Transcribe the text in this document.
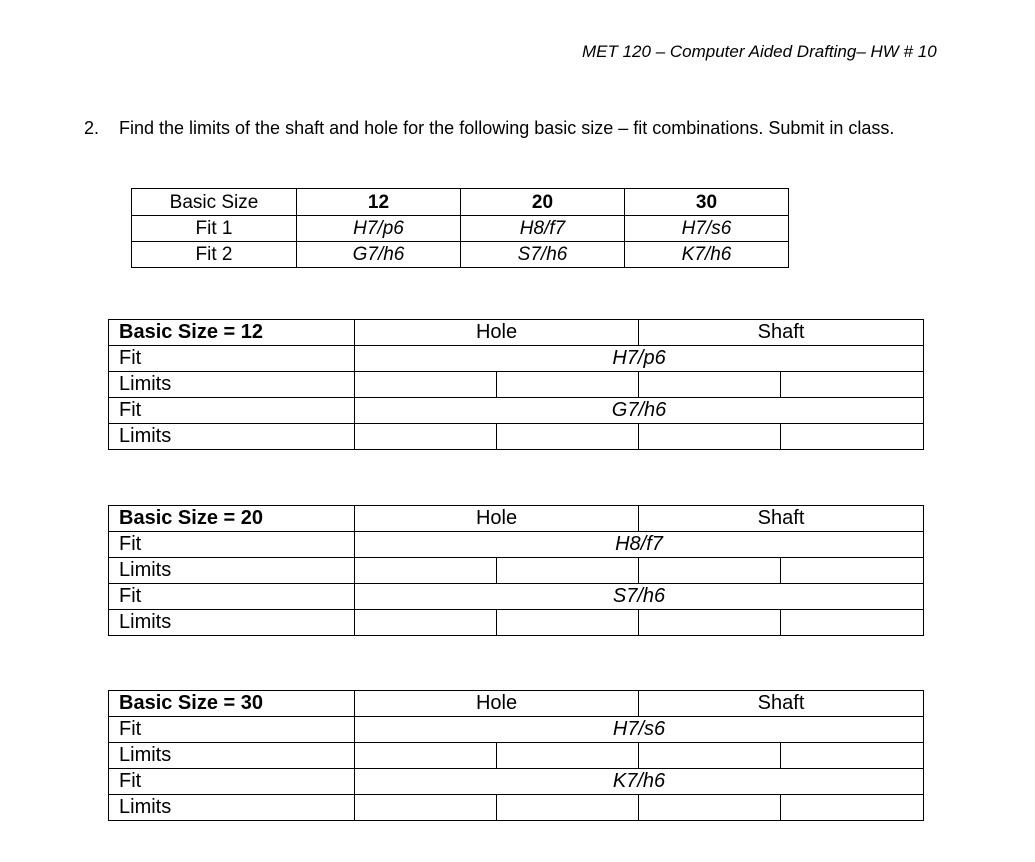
MET 120 – Computer Aided Drafting– HW # 10
2. Find the limits of the shaft and hole for the following basic size – fit combinations. Submit in class.
Basic Size	12	20	30
Fit 1	H7/p6	H8/f7	H7/s6
Fit 2	G7/h6	S7/h6	K7/h6
Basic Size = 12	Hole		Shaft	
Fit	H7/p6			
Limits				
Fit	G7/h6			
Limits				
Basic Size = 20	Hole		Shaft	
Fit	H8/f7			
Limits				
Fit	S7/h6			
Limits				
Basic Size = 30	Hole		Shaft	
Fit	H7/s6			
Limits				
Fit	K7/h6			
Limits				
